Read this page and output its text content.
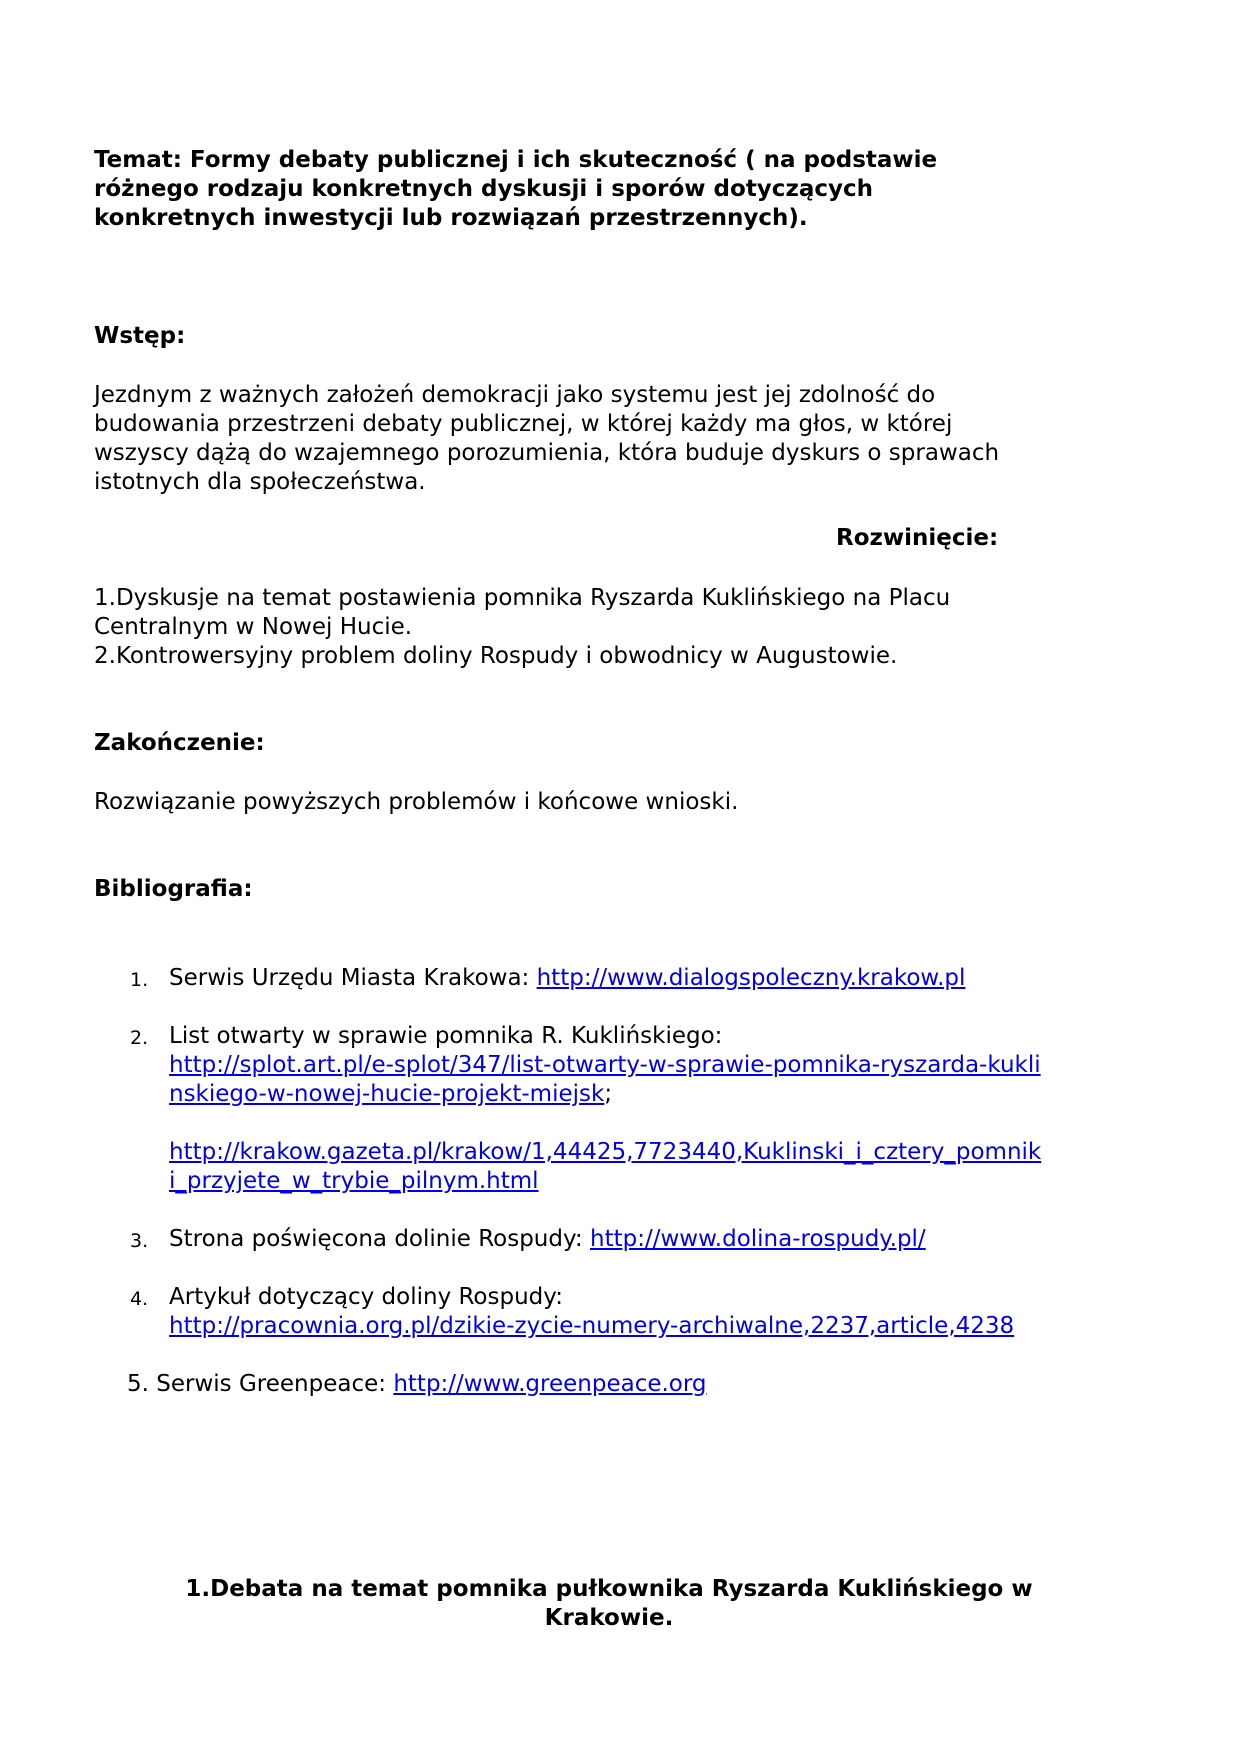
Temat: Formy debaty publicznej i ich skuteczność ( na podstawie
różnego rodzaju konkretnych dyskusji i sporów dotyczących
konkretnych inwestycji lub rozwiązań przestrzennych).
Wstęp:
Jezdnym z ważnych założeń demokracji jako systemu jest jej zdolność do
budowania przestrzeni debaty publicznej, w której każdy ma głos, w której
wszyscy dążą do wzajemnego porozumienia, która buduje dyskurs o sprawach
istotnych dla społeczeństwa.
Rozwinięcie:
1.Dyskusje na temat postawienia pomnika Ryszarda Kuklińskiego na Placu
Centralnym w Nowej Hucie.
2.Kontrowersyjny problem doliny Rospudy i obwodnicy w Augustowie.
Zakończenie:
Rozwiązanie powyższych problemów i końcowe wnioski.
Bibliografia:
1. Serwis Urzędu Miasta Krakowa: http://www.dialogspoleczny.krakow.pl
2. List otwarty w sprawie pomnika R. Kuklińskiego:
http://splot.art.pl/e-splot/347/list-otwarty-w-sprawie-pomnika-ryszarda-kukli
nskiego-w-nowej-hucie-projekt-miejsk;
http://krakow.gazeta.pl/krakow/1,44425,7723440,Kuklinski_i_cztery_pomnik
i_przyjete_w_trybie_pilnym.html
3. Strona poświęcona dolinie Rospudy: http://www.dolina-rospudy.pl/
4. Artykuł dotyczący doliny Rospudy:
http://pracownia.org.pl/dzikie-zycie-numery-archiwalne,2237,article,4238
5. Serwis Greenpeace: http://www.greenpeace.org
1.Debata na temat pomnika pułkownika Ryszarda Kuklińskiego w
Krakowie.
